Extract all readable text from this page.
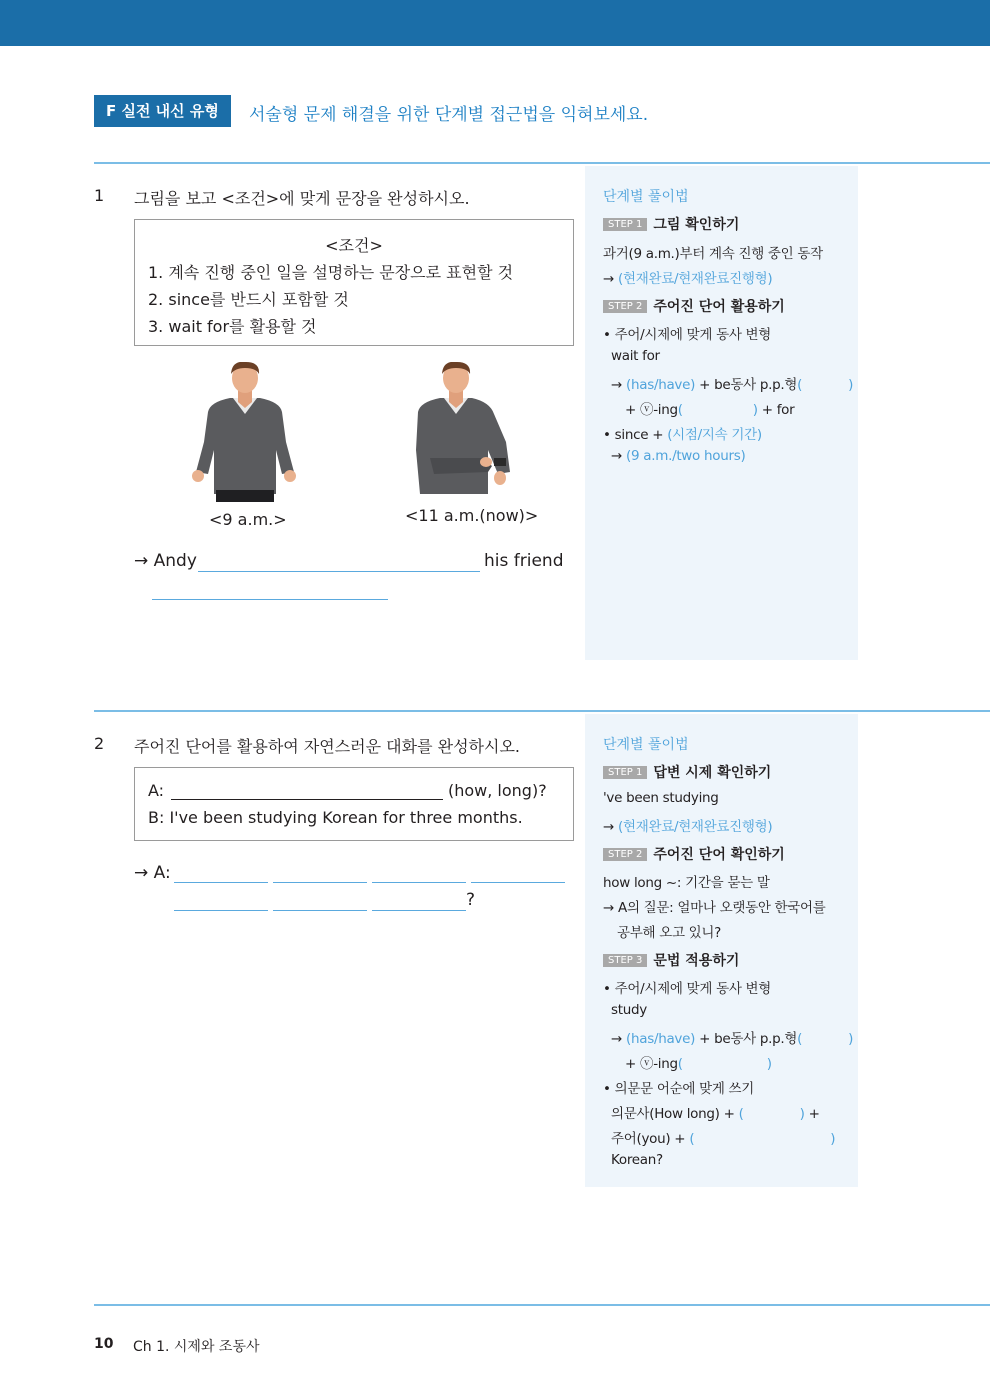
F 실전 내신 유형	서술형 문제 해결을 위한 단계별 접근법을 익혀보세요.
1 그림을 보고 <조건>에 맞게 문장을 완성하시오.
<조건>
1. 계속 진행 중인 일을 설명하는 문장으로 표현할 것
2. since를 반드시 포함할 것
3. wait for를 활용할 것
<9 a.m.>	<11 a.m.(now)>
→ Andy	his friend
단계별 풀이법
STEP 1 그림 확인하기
과거(9 a.m.)부터 계속 진행 중인 동작
→ (현재완료/현재완료진행형)
STEP 2 주어진 단어 활용하기
• 주어/시제에 맞게 동사 변형
wait for
→ (has/have) + be동사 p.p.형(	)
+ ⓥ-ing(	) + for
• since + (시점/지속 기간)
→ (9 a.m./two hours)
2 주어진 단어를 활용하여 자연스러운 대화를 완성하시오.
A:	(how, long)?
B: I've been studying Korean for three months.
→ A:
?
단계별 풀이법
STEP 1 답변 시제 확인하기
've been studying
→ (현재완료/현재완료진행형)
STEP 2 주어진 단어 확인하기
how long ~: 기간을 묻는 말
→ A의 질문: 얼마나 오랫동안 한국어를
공부해 오고 있니?
STEP 3 문법 적용하기
• 주어/시제에 맞게 동사 변형
study
→ (has/have) + be동사 p.p.형(	)
+ ⓥ-ing(	)
• 의문문 어순에 맞게 쓰기
의문사(How long) + (	) +
주어(you) + (	)
Korean?
10 Ch 1. 시제와 조동사
